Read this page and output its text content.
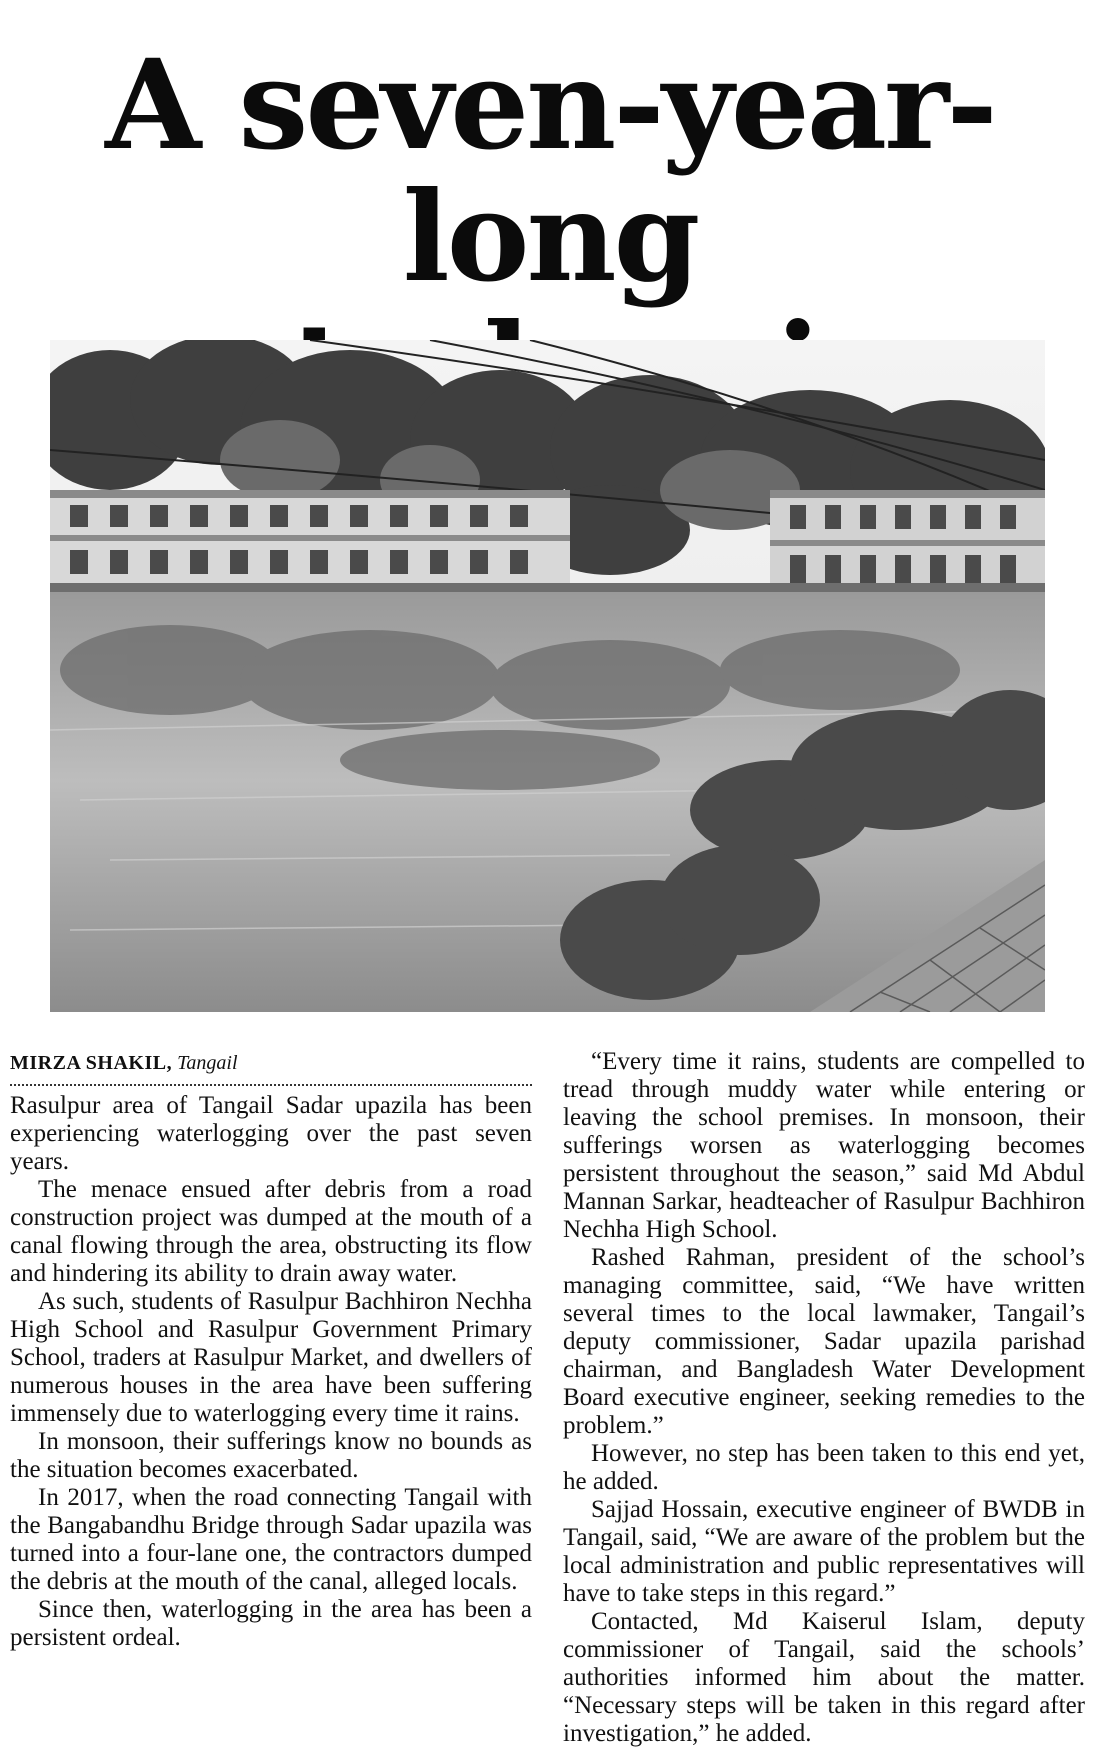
A seven-year-long
MIRZA SHAKIL, Tangail

Rasulpur area of Tangail Sadar upazila has been experiencing waterlogging over the past seven years.

The menace ensued after debris from a road construction project was dumped at the mouth of a canal flowing through the area, obstructing its flow and hindering its ability to drain away water.

As such, students of Rasulpur Bachhiron Nechha High School and Rasulpur Government Primary School, traders at Rasulpur Market, and dwellers of numerous houses in the area have been suffering immensely due to waterlogging every time it rains.

In monsoon, their sufferings know no bounds as the situation becomes exacerbated.

In 2017, when the road connecting Tangail with the Bangabandhu Bridge through Sadar upazila was turned into a four-lane one, the contractors dumped the debris at the mouth of the canal, alleged locals.

Since then, waterlogging in the area has been a persistent ordeal.

“Every time it rains, students are compelled to tread through muddy water while entering or leaving the school premises. In monsoon, their sufferings worsen as waterlogging becomes persistent throughout the season,” said Md Abdul Mannan Sarkar, headteacher of Rasulpur Bachhiron Nechha High School.

Rashed Rahman, president of the school’s managing committee, said, “We have written several times to the local lawmaker, Tangail’s deputy commissioner, Sadar upazila parishad chairman, and Bangladesh Water Development Board executive engineer, seeking remedies to the problem.”

However, no step has been taken to this end yet, he added.

Sajjad Hossain, executive engineer of BWDB in Tangail, said, “We are aware of the problem but the local administration and public representatives will have to take steps in this regard.”

Contacted, Md Kaiserul Islam, deputy commissioner of Tangail, said the schools’ authorities informed him about the matter. “Necessary steps will be taken in this regard after investigation,” he added.
